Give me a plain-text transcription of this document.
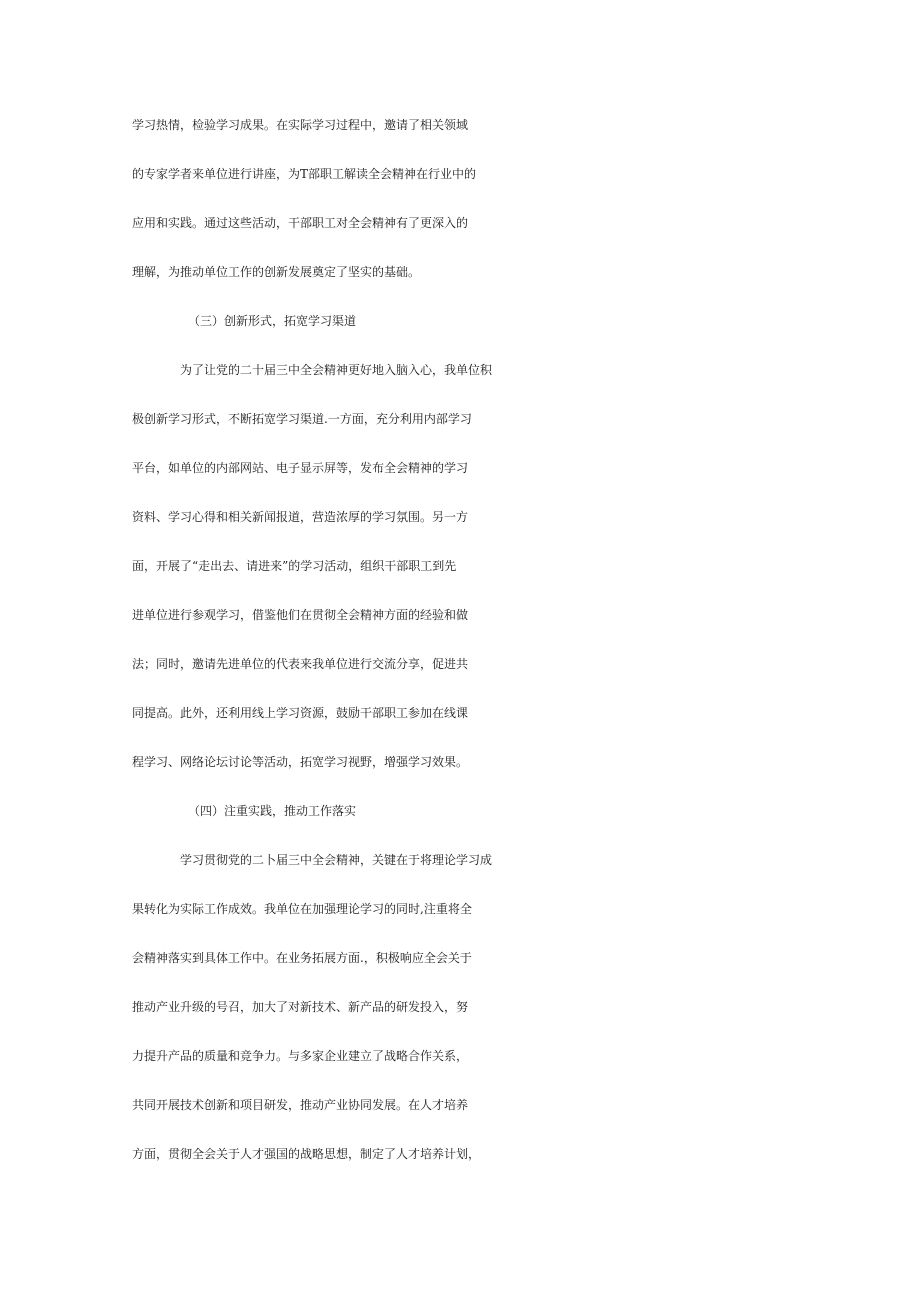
学习热情，检验学习成果。在实际学习过程中，邀请了相关领域
的专家学者来单位进行讲座，为T部职工解读全会精神在行业中的
应用和实践。通过这些活动，干部职工对全会精神有了更深入的
理解，为推动单位工作的创新发展奠定了坚实的基础。
（三）创新形式，拓宽学习渠道
为了让党的二十届三中全会精神更好地入脑入心，我单位积
极创新学习形式，不断拓宽学习渠道.一方面，充分利用内部学习
平台，如单位的内部网站、电子显示屏等，发布全会精神的学习
资料、学习心得和相关新闻报道，营造浓厚的学习氛围。另一方
面，开展了“走出去、请进来”的学习活动，组织干部职工到先
进单位进行参观学习，借鉴他们在贯彻全会精神方面的经验和做
法；同时，邀请先进单位的代表来我单位进行交流分享，促进共
同提高。此外，还利用线上学习资源，鼓励干部职工参加在线课
程学习、网络论坛讨论等活动，拓宽学习视野，增强学习效果。
（四）注重实践，推动工作落实
学习贯彻党的二卜届三中全会精神，关键在于将理论学习成
果转化为实际工作成效。我单位在加强理论学习的同时,注重将全
会精神落实到具体工作中。在业务拓展方面.，积极响应全会关于
推动产业升级的号召，加大了对新技术、新产品的研发投入，努
力提升产品的质量和竞争力。与多家企业建立了战略合作关系，
共同开展技术创新和项目研发，推动产业协同发展。在人才培养
方面，贯彻全会关于人才强国的战略思想，制定了人才培养计划，
